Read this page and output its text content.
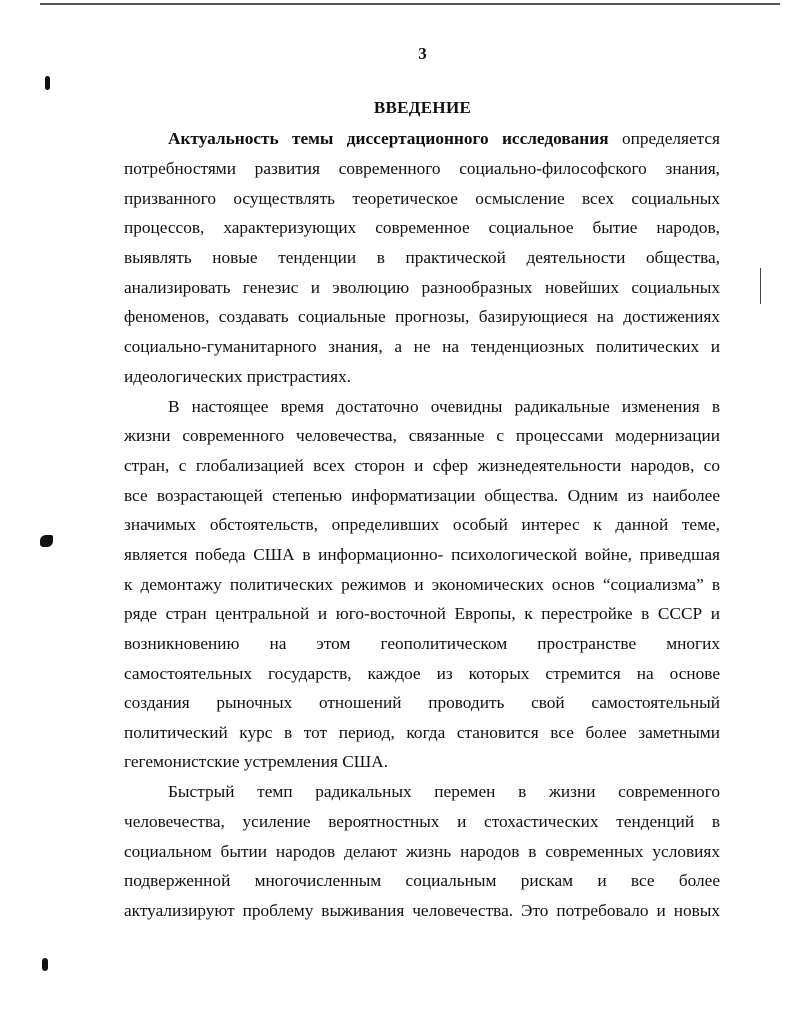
3
ВВЕДЕНИЕ
Актуальность темы диссертационного исследования определяется
потребностями развития современного социально-философского знания,
призванного осуществлять теоретическое осмысление всех социальных
процессов, характеризующих современное социальное бытие народов,
выявлять новые тенденции в практической деятельности общества,
анализировать генезис и эволюцию разнообразных новейших социальных
феноменов, создавать социальные прогнозы, базирующиеся на достижениях
социально-гуманитарного знания, а не на тенденциозных политических и
идеологических пристрастиях.
В настоящее время достаточно очевидны радикальные изменения в
жизни современного человечества, связанные с процессами модернизации
стран, с глобализацией всех сторон и сфер жизнедеятельности народов, со
все возрастающей степенью информатизации общества. Одним из наиболее
значимых обстоятельств, определивших особый интерес к данной теме,
является победа США в информационно- психологической войне, приведшая
к демонтажу политических режимов и экономических основ “социализма” в
ряде стран центральной и юго-восточной Европы, к перестройке в СССР и
возникновению на этом геополитическом пространстве многих
самостоятельных государств, каждое из которых стремится на основе
создания рыночных отношений проводить свой самостоятельный
политический курс в тот период, когда становится все более заметными
гегемонистские устремления США.
Быстрый темп радикальных перемен в жизни современного
человечества, усиление вероятностных и стохастических тенденций в
социальном бытии народов делают жизнь народов в современных условиях
подверженной многочисленным социальным рискам и все более
актуализируют проблему выживания человечества. Это потребовало и новых
